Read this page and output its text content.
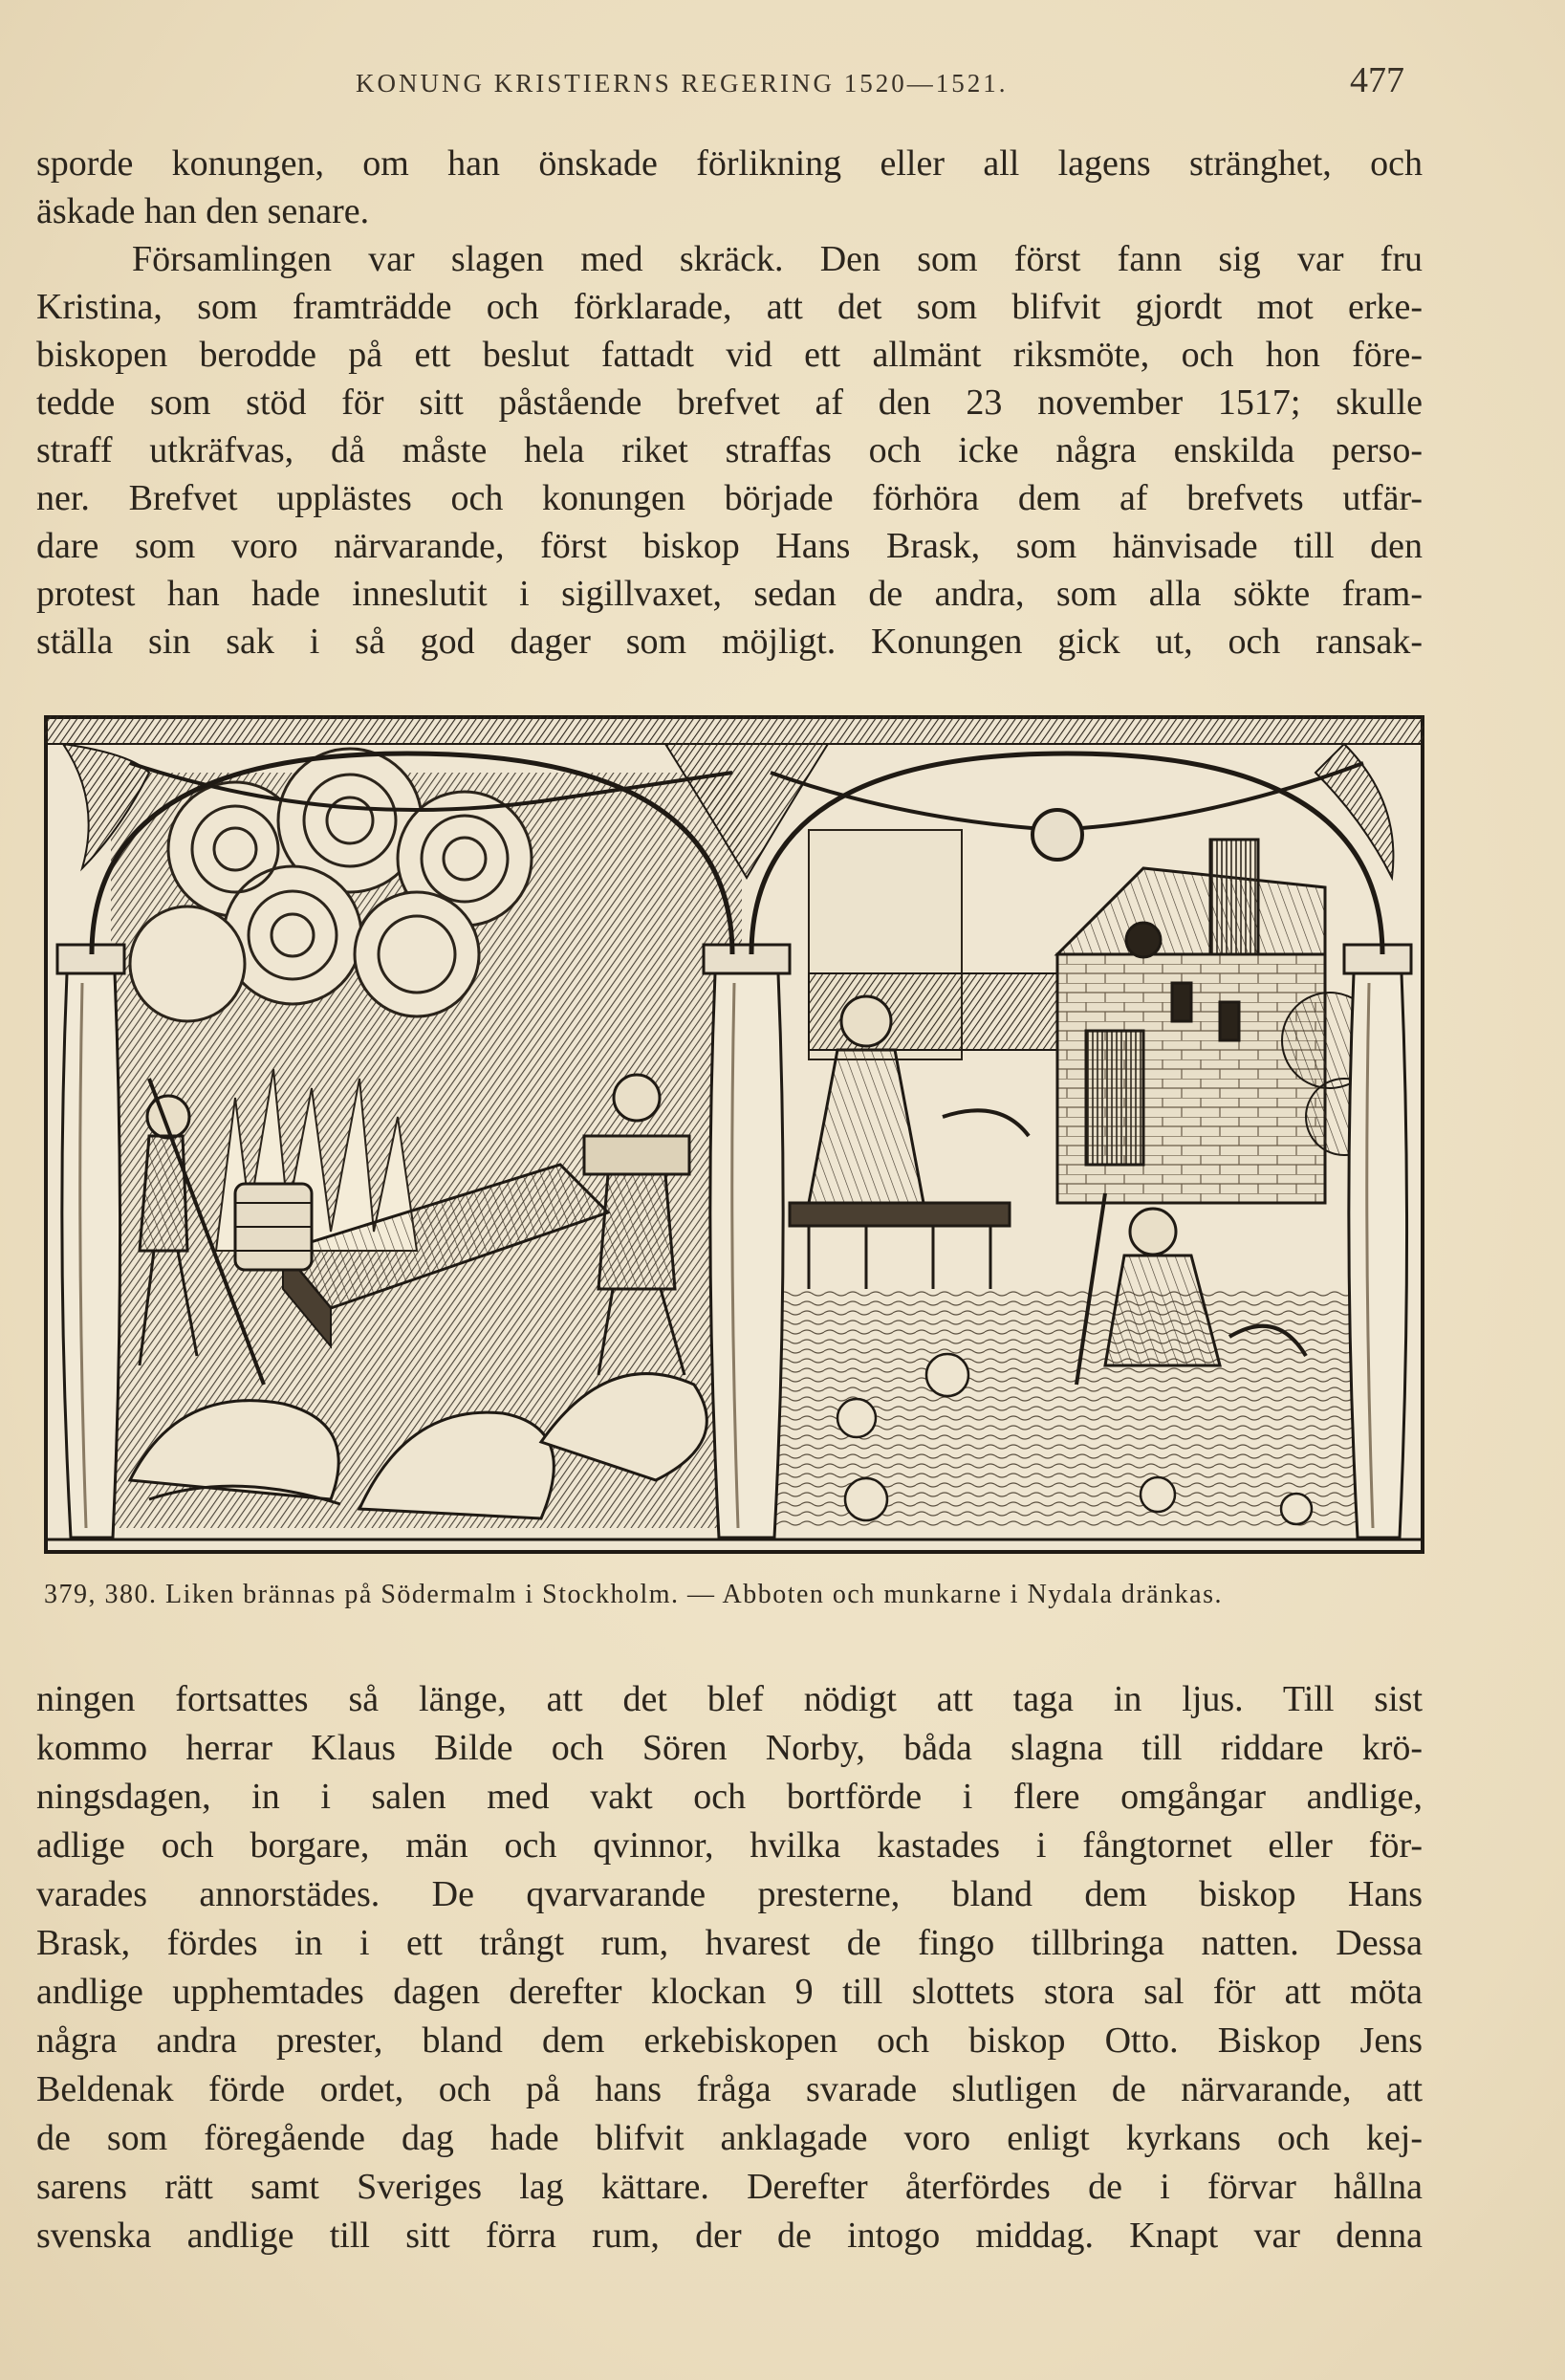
KONUNG KRISTIERNS REGERING 1520—1521.	477
sporde konungen, om han önskade förlikning eller all lagens stränghet, och
äskade han den senare.
Församlingen var slagen med skräck. Den som först fann sig var fru
Kristina, som framträdde och förklarade, att det som blifvit gjordt mot erke-
biskopen berodde på ett beslut fattadt vid ett allmänt riksmöte, och hon före-
tedde som stöd för sitt påstående brefvet af den 23 november 1517; skulle
straff utkräfvas, då måste hela riket straffas och icke några enskilda perso-
ner. Brefvet upplästes och konungen började förhöra dem af brefvets utfär-
dare som voro närvarande, först biskop Hans Brask, som hänvisade till den
protest han hade inneslutit i sigillvaxet, sedan de andra, som alla sökte fram-
ställa sin sak i så god dager som möjligt. Konungen gick ut, och ransak-
379, 380. Liken brännas på Södermalm i Stockholm. — Abboten och munkarne i Nydala dränkas.
ningen fortsattes så länge, att det blef nödigt att taga in ljus. Till sist
kommo herrar Klaus Bilde och Sören Norby, båda slagna till riddare krö-
ningsdagen, in i salen med vakt och bortförde i flere omgångar andlige,
adlige och borgare, män och qvinnor, hvilka kastades i fångtornet eller för-
varades annorstädes. De qvarvarande presterne, bland dem biskop Hans
Brask, fördes in i ett trångt rum, hvarest de fingo tillbringa natten. Dessa
andlige upphemtades dagen derefter klockan 9 till slottets stora sal för att möta
några andra prester, bland dem erkebiskopen och biskop Otto. Biskop Jens
Beldenak förde ordet, och på hans fråga svarade slutligen de närvarande, att
de som föregående dag hade blifvit anklagade voro enligt kyrkans och kej-
sarens rätt samt Sveriges lag kättare. Derefter återfördes de i förvar hållna
svenska andlige till sitt förra rum, der de intogo middag. Knapt var denna
